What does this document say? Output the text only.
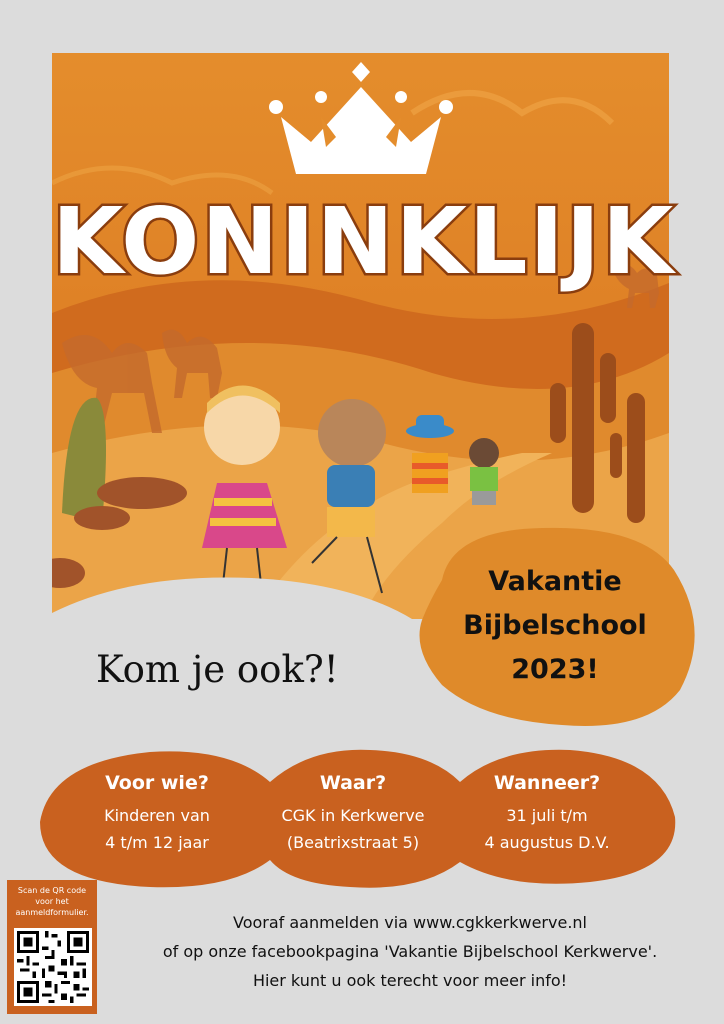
KONINKLIJK
Vakantie
Bijbelschool
2023!
Kom je ook?!
Voor wie?
Kinderen van
4 t/m 12 jaar
Waar?
CGK in Kerkwerve
(Beatrixstraat 5)
Wanneer?
31 juli t/m
4 augustus D.V.
Scan de QR code
voor het
aanmeldformulier.
Vooraf aanmelden via www.cgkkerkwerve.nl
of op onze facebookpagina 'Vakantie Bijbelschool Kerkwerve'.
Hier kunt u ook terecht voor meer info!
